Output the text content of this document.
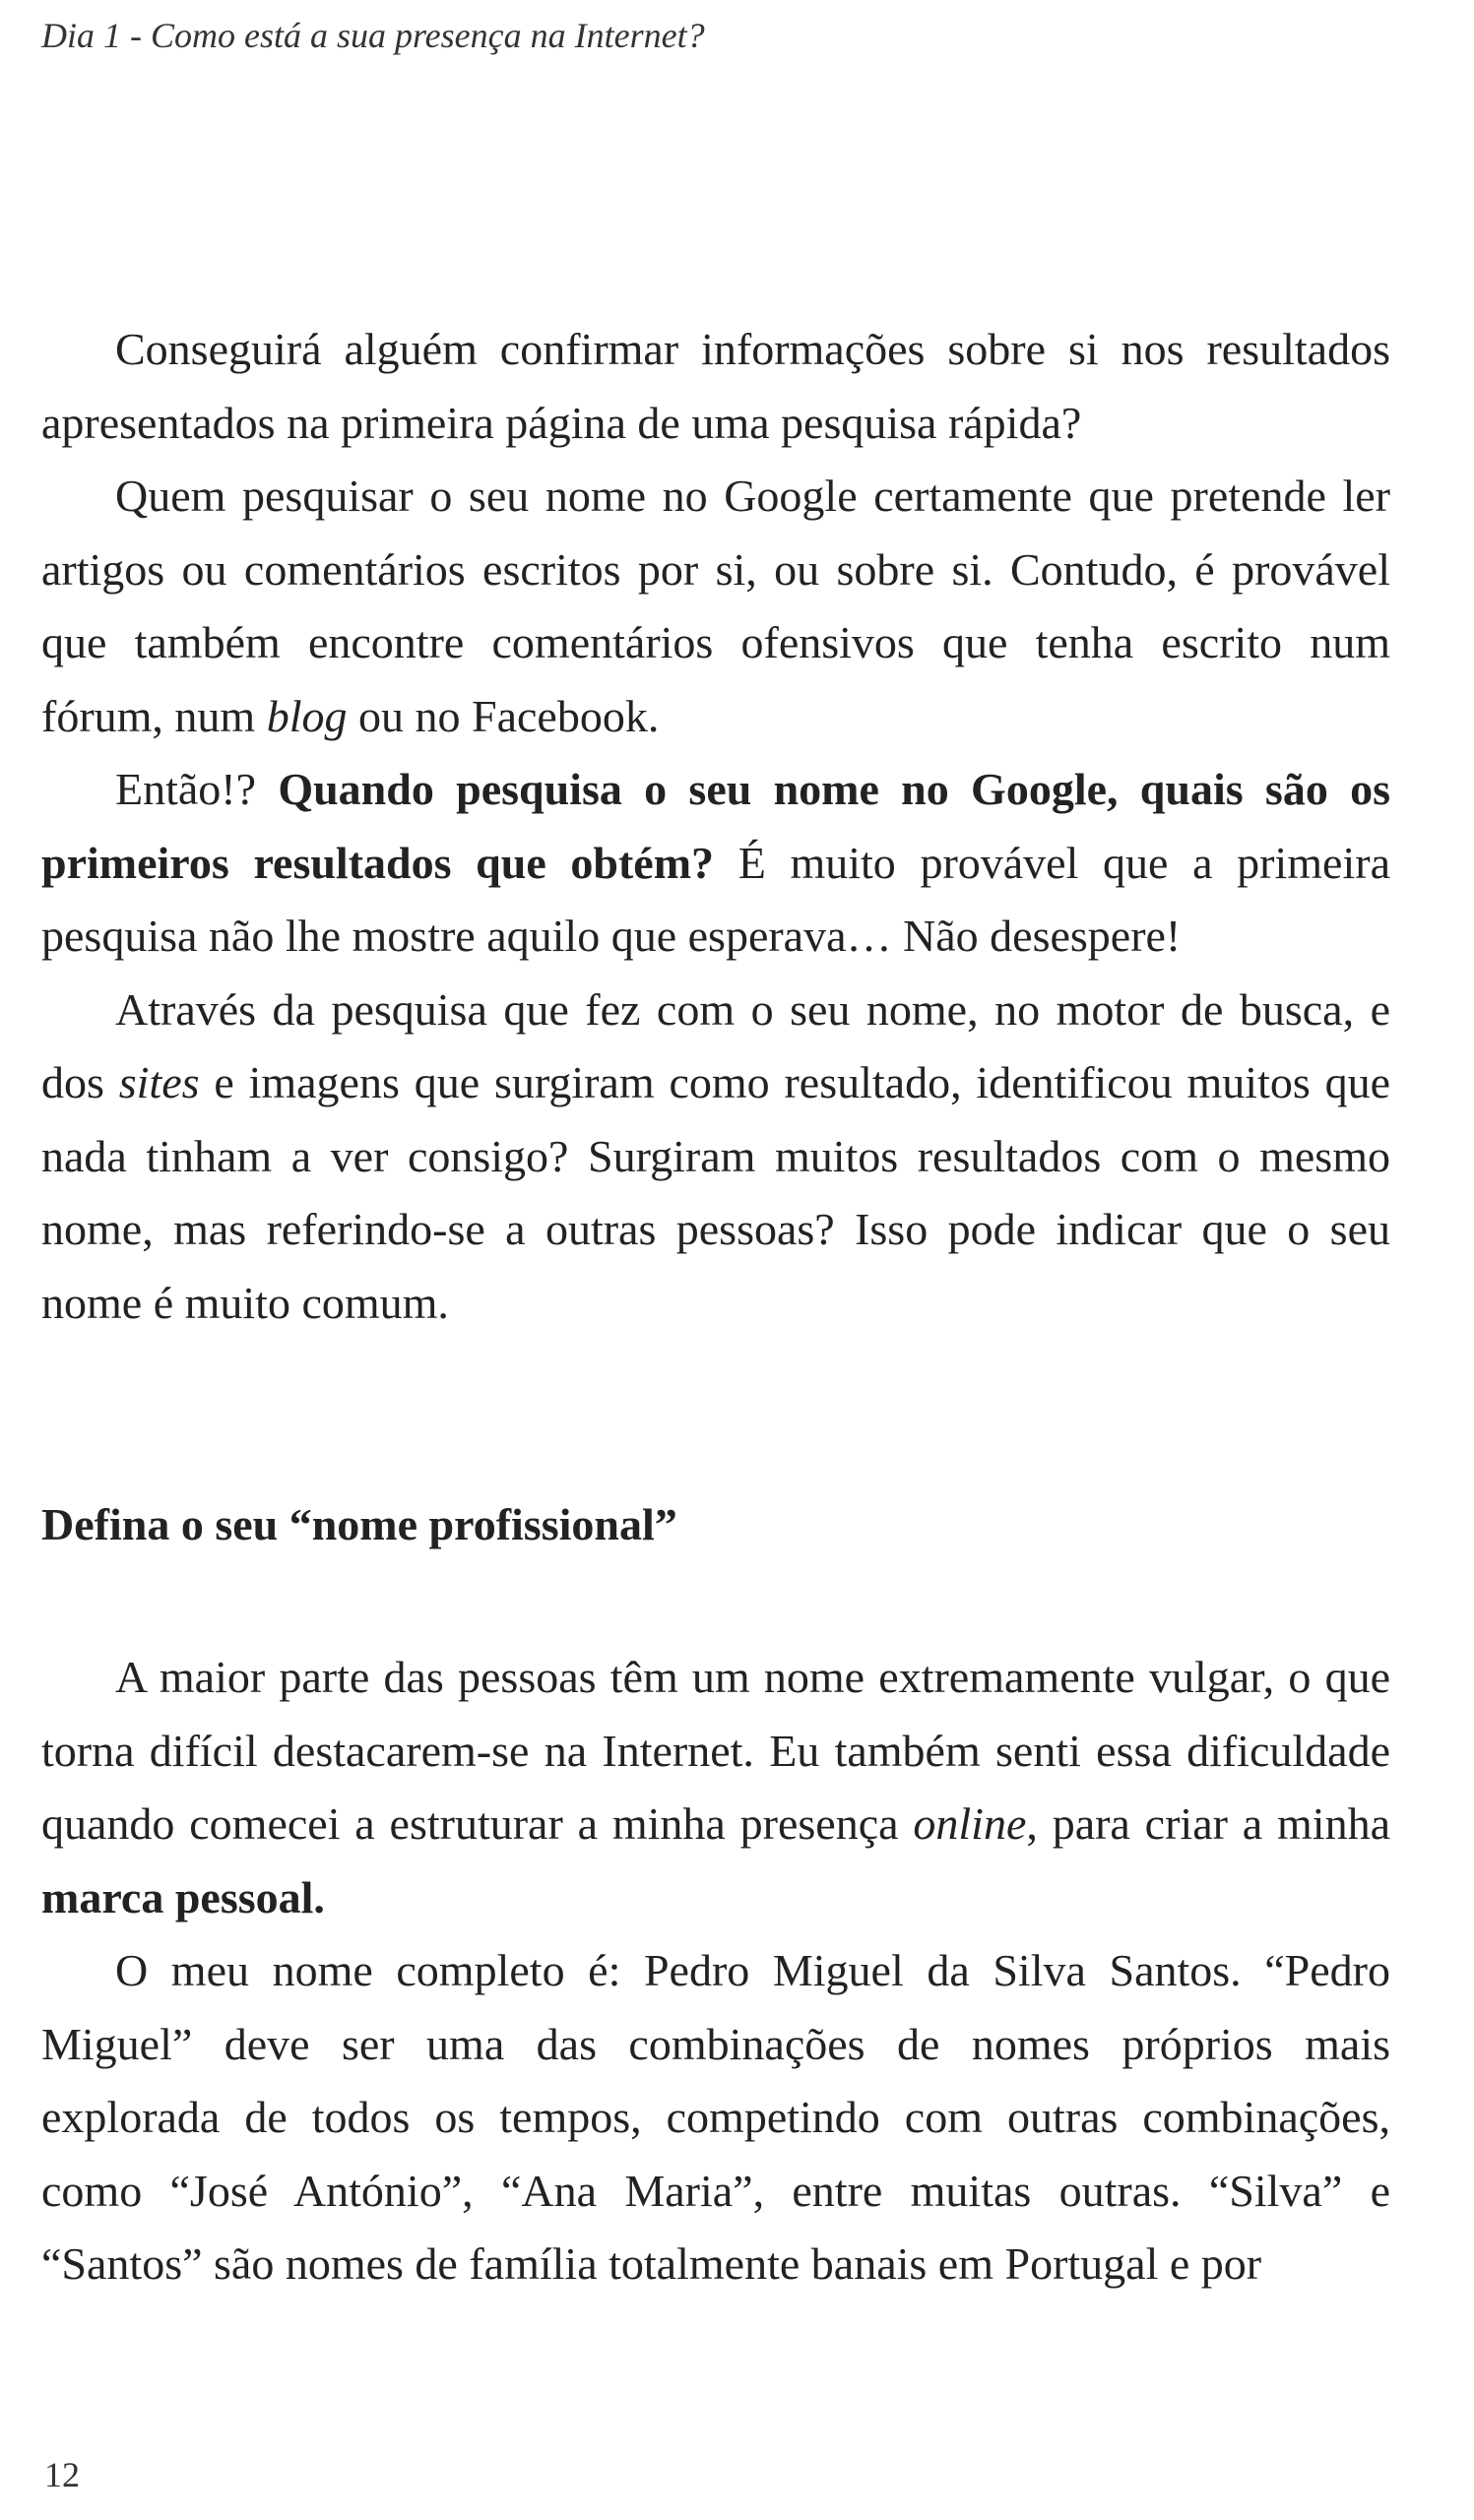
Dia 1 - Como está a sua presença na Internet?

Conseguirá alguém confirmar informações sobre si nos resultados apresentados na primeira página de uma pesquisa rápida?

Quem pesquisar o seu nome no Google certamente que pretende ler artigos ou comentários escritos por si, ou sobre si. Contudo, é provável que também encontre comentários ofensivos que tenha escrito num fórum, num blog ou no Facebook.

Então!? Quando pesquisa o seu nome no Google, quais são os primeiros resultados que obtém? É muito provável que a primeira pesquisa não lhe mostre aquilo que esperava… Não desespere!

Através da pesquisa que fez com o seu nome, no motor de busca, e dos sites e imagens que surgiram como resultado, identificou muitos que nada tinham a ver consigo? Surgiram muitos resultados com o mesmo nome, mas referindo-se a outras pessoas? Isso pode indicar que o seu nome é muito comum.

Defina o seu “nome profissional”

A maior parte das pessoas têm um nome extremamente vulgar, o que torna difícil destacarem-se na Internet. Eu também senti essa dificuldade quando comecei a estruturar a minha presença online, para criar a minha marca pessoal.

O meu nome completo é: Pedro Miguel da Silva Santos. “Pedro Miguel” deve ser uma das combinações de nomes próprios mais explorada de todos os tempos, competindo com outras combinações, como “José António”, “Ana Maria”, entre muitas outras. “Silva” e “Santos” são nomes de família totalmente banais em Portugal e por

12
